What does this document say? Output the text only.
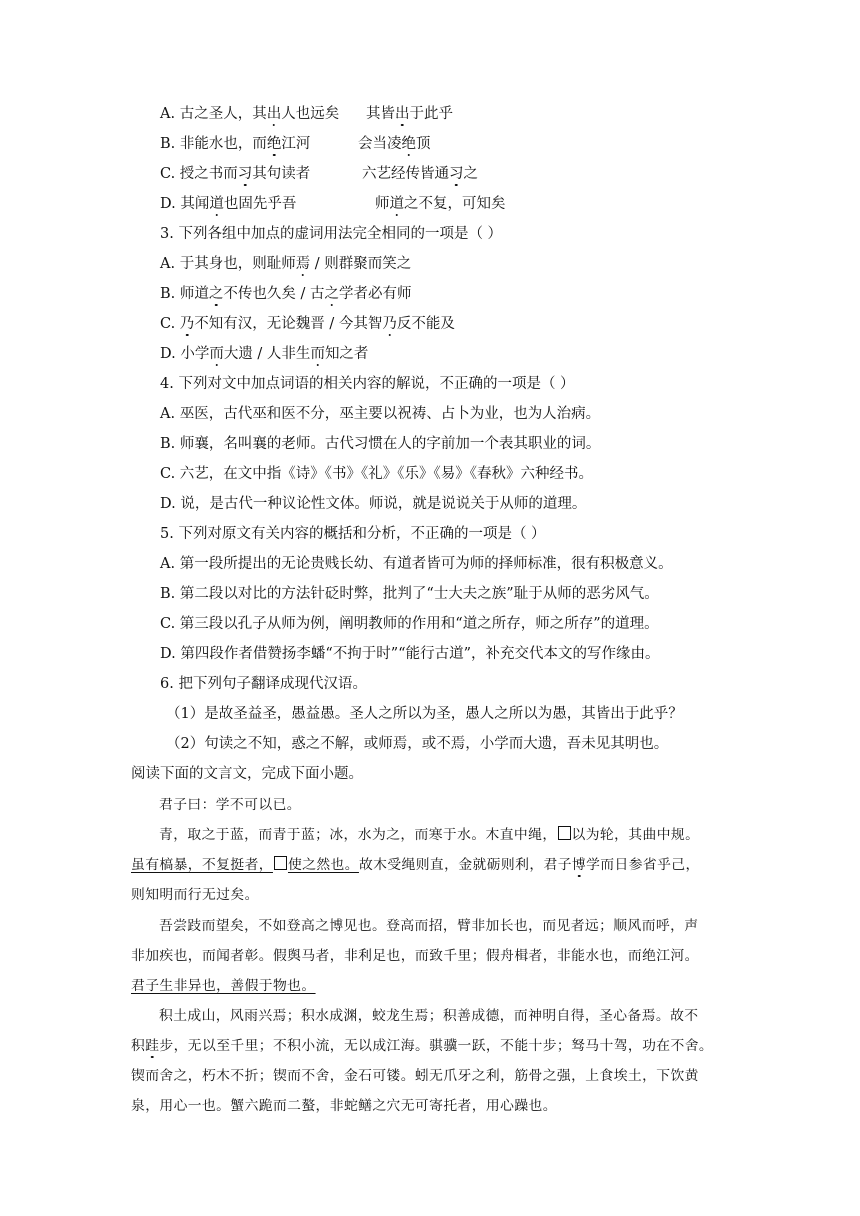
A. 古之圣人，其出人也远矣 其皆出于此乎
B. 非能水也，而绝江河	会当凌绝顶
C. 授之书而习其句读者	六艺经传皆通习之
D. 其闻道也固先乎吾	师道之不复，可知矣
3. 下列各组中加点的虚词用法完全相同的一项是（ ）
A. 于其身也，则耻师焉 / 则群聚而笑之
B. 师道之不传也久矣 / 古之学者必有师
C. 乃不知有汉，无论魏晋 / 今其智乃反不能及
D. 小学而大遗 / 人非生而知之者
4. 下列对文中加点词语的相关内容的解说，不正确的一项是（ ）
A. 巫医，古代巫和医不分，巫主要以祝祷、占卜为业，也为人治病。
B. 师襄，名叫襄的老师。古代习惯在人的字前加一个表其职业的词。
C. 六艺，在文中指《诗》《书》《礼》《乐》《易》《春秋》六种经书。
D. 说，是古代一种议论性文体。师说，就是说说关于从师的道理。
5. 下列对原文有关内容的概括和分析，不正确的一项是（ ）
A. 第一段所提出的无论贵贱长幼、有道者皆可为师的择师标准，很有积极意义。
B. 第二段以对比的方法针砭时弊，批判了“士大夫之族”耻于从师的恶劣风气。
C. 第三段以孔子从师为例，阐明教师的作用和“道之所存，师之所存”的道理。
D. 第四段作者借赞扬李蟠“不拘于时”“能行古道”，补充交代本文的写作缘由。
6. 把下列句子翻译成现代汉语。
（1）是故圣益圣，愚益愚。圣人之所以为圣，愚人之所以为愚，其皆出于此乎？
（2）句读之不知，惑之不解，或师焉，或不焉，小学而大遗，吾未见其明也。
阅读下面的文言文，完成下面小题。
君子曰：学不可以已。
青，取之于蓝，而青于蓝；冰，水为之，而寒于水。木直中绳， 以为轮，其曲中规。
虽有槁暴，不复挺者， 使之然也。故木受绳则直，金就砺则利，君子博学而日参省乎己，
则知明而行无过矣。
吾尝跂而望矣，不如登高之博见也。登高而招，臂非加长也，而见者远；顺风而呼，声
非加疾也，而闻者彰。假舆马者，非利足也，而致千里；假舟楫者，非能水也，而绝江河。
君子生非异也，善假于物也。
积土成山，风雨兴焉；积水成渊，蛟龙生焉；积善成德，而神明自得，圣心备焉。故不
积跬步，无以至千里；不积小流，无以成江海。骐骥一跃，不能十步；驽马十驾，功在不舍。
锲而舍之，朽木不折；锲而不舍，金石可镂。蚓无爪牙之利，筋骨之强，上食埃土，下饮黄
泉，用心一也。蟹六跪而二螯，非蛇鳝之穴无可寄托者，用心躁也。
